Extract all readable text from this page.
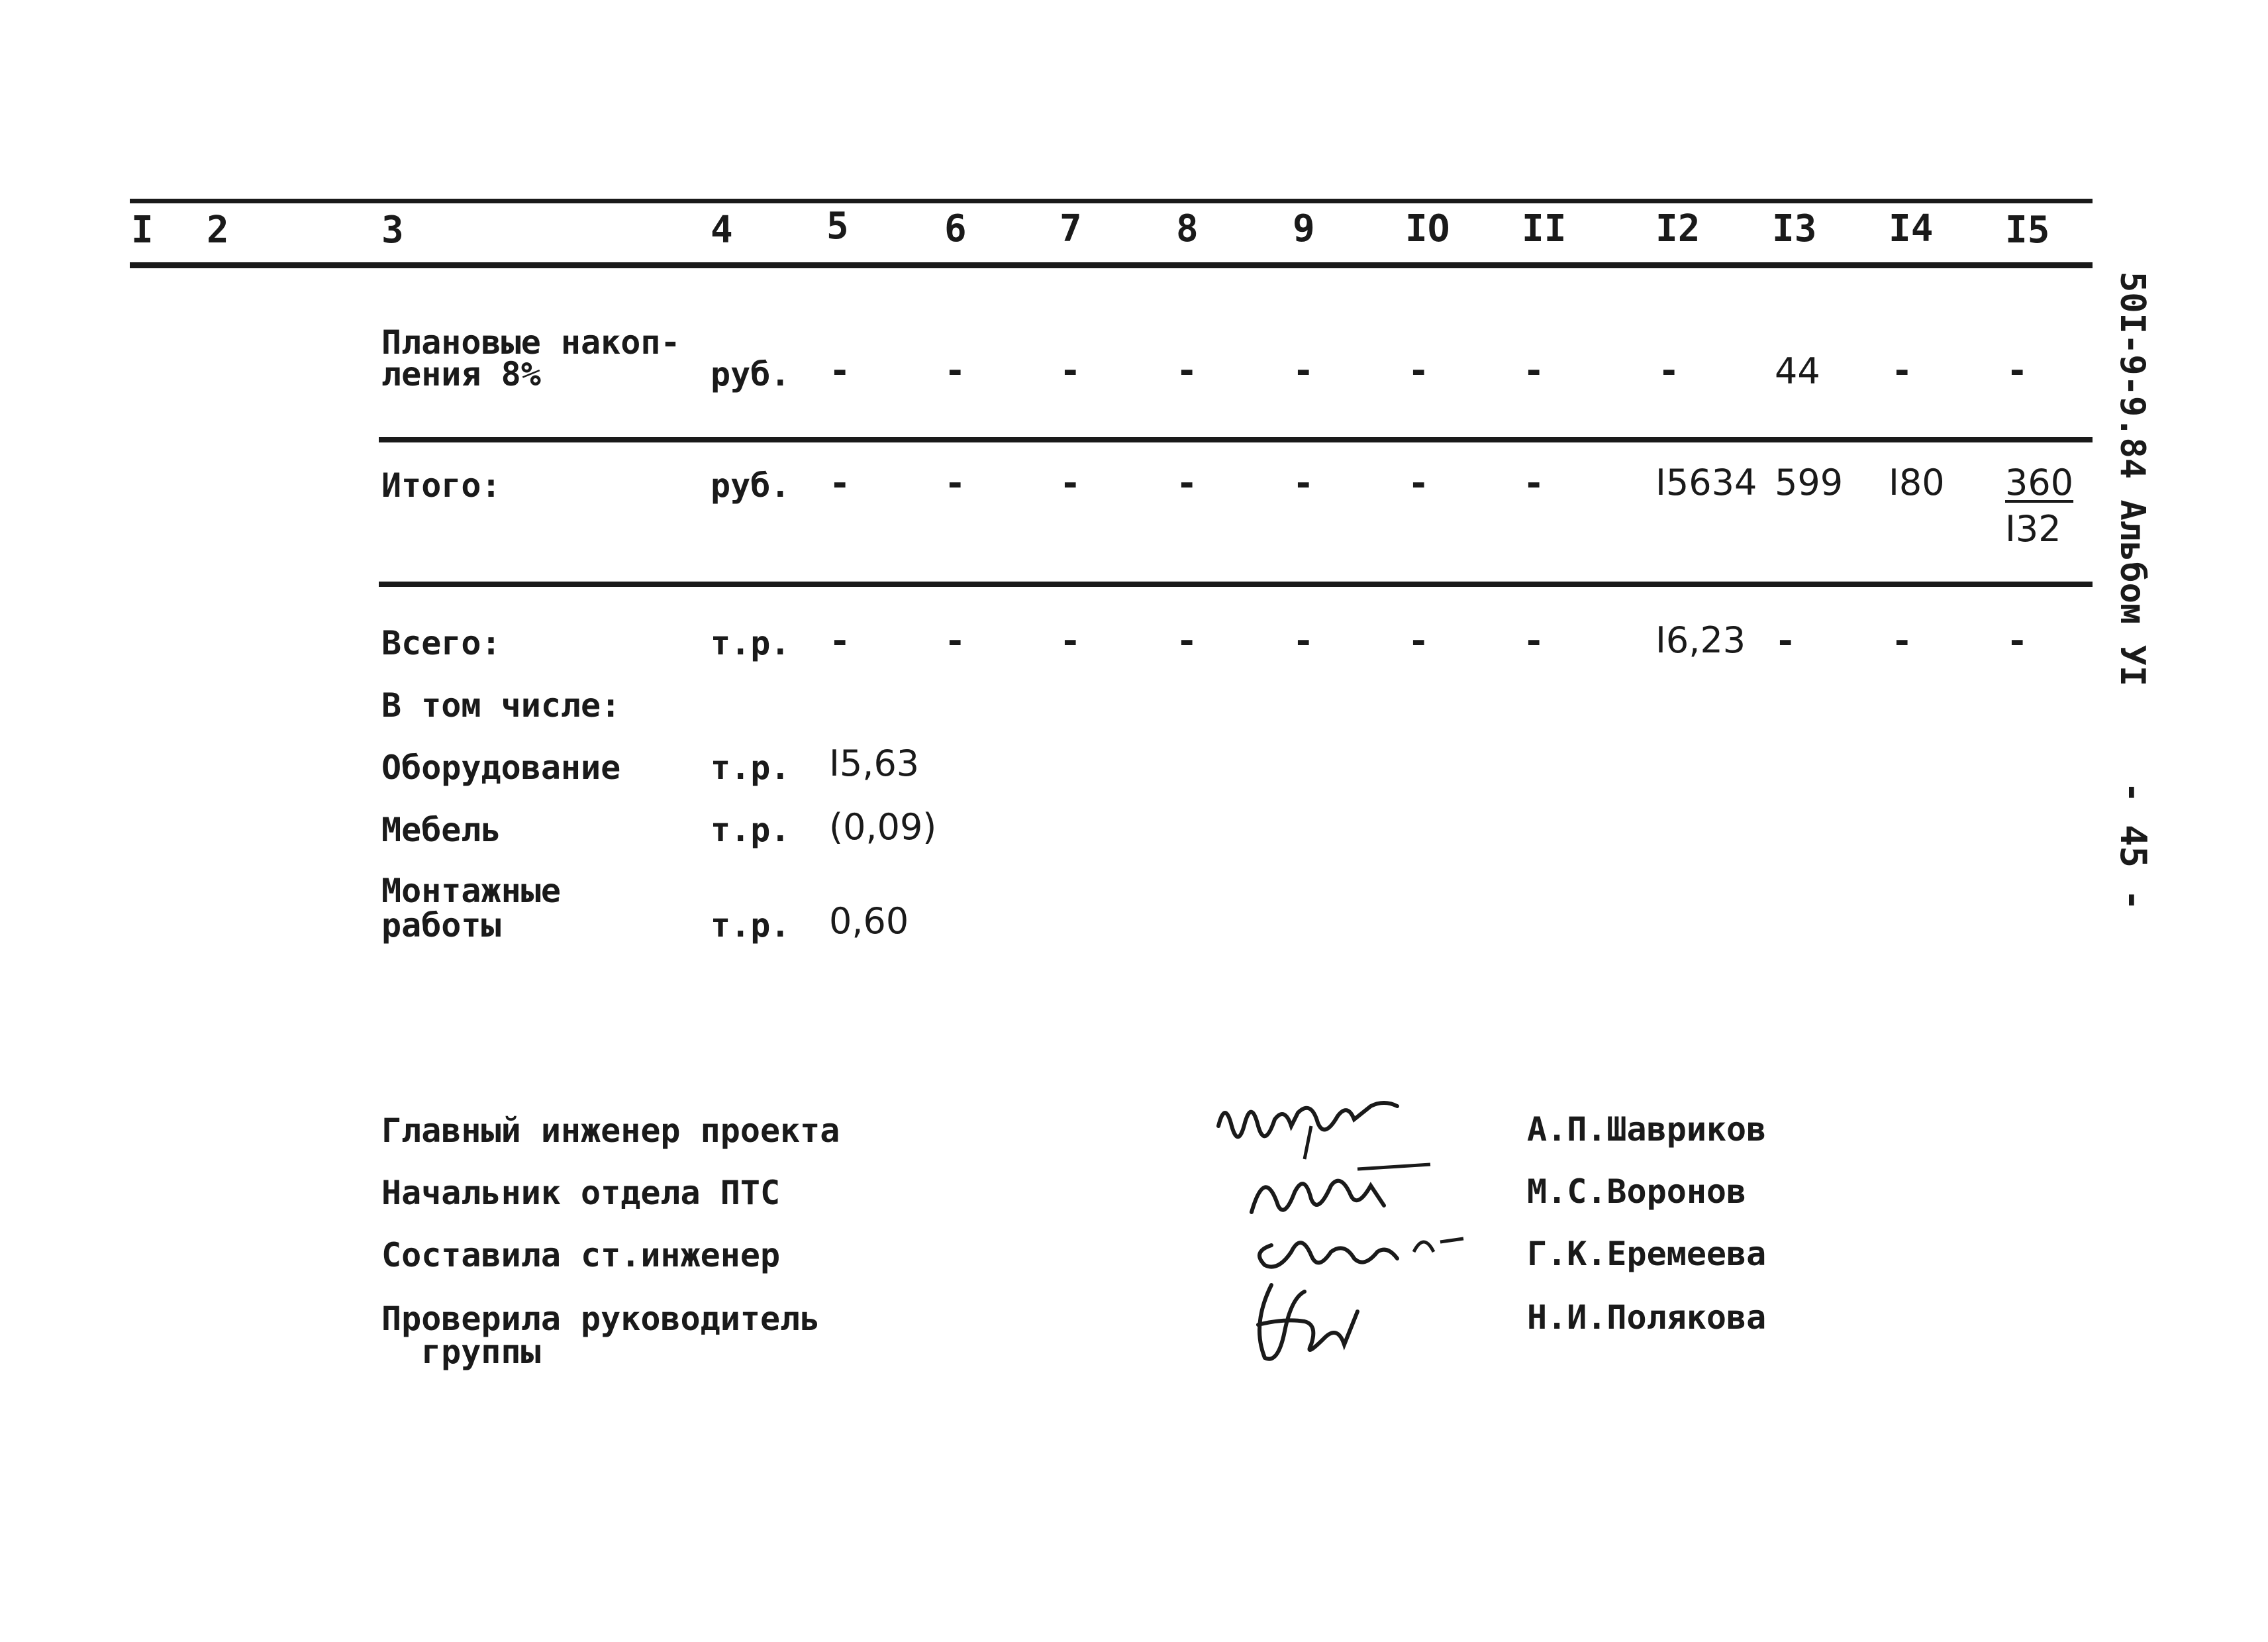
I 2	3	4	5	6	7	8	9 IO II I2 I3 I4 I5
Плановые накоп-
ления 8%	руб. -	-	-	-	-	-	-	-	44 -	-
Итого:	руб. -	-	-	-	-	-	-	I5634 599 I80 360
I32
Всего:	т.р. -	-	-	-	-	-	-	I6,23 -	-	-
В том числе:
Оборудование	т.р. I5,63
Мебель	т.р. (0,09)
Монтажные
работы	т.р. 0,60
Главный инженер проекта
Начальник отдела ПТС
Составила ст.инженер
Проверила руководитель
группы
А.П.Шавриков
М.С.Воронов
Г.К.Еремеева
Н.И.Полякова
50I-9-9.84 Альбом УI
- 45 -
